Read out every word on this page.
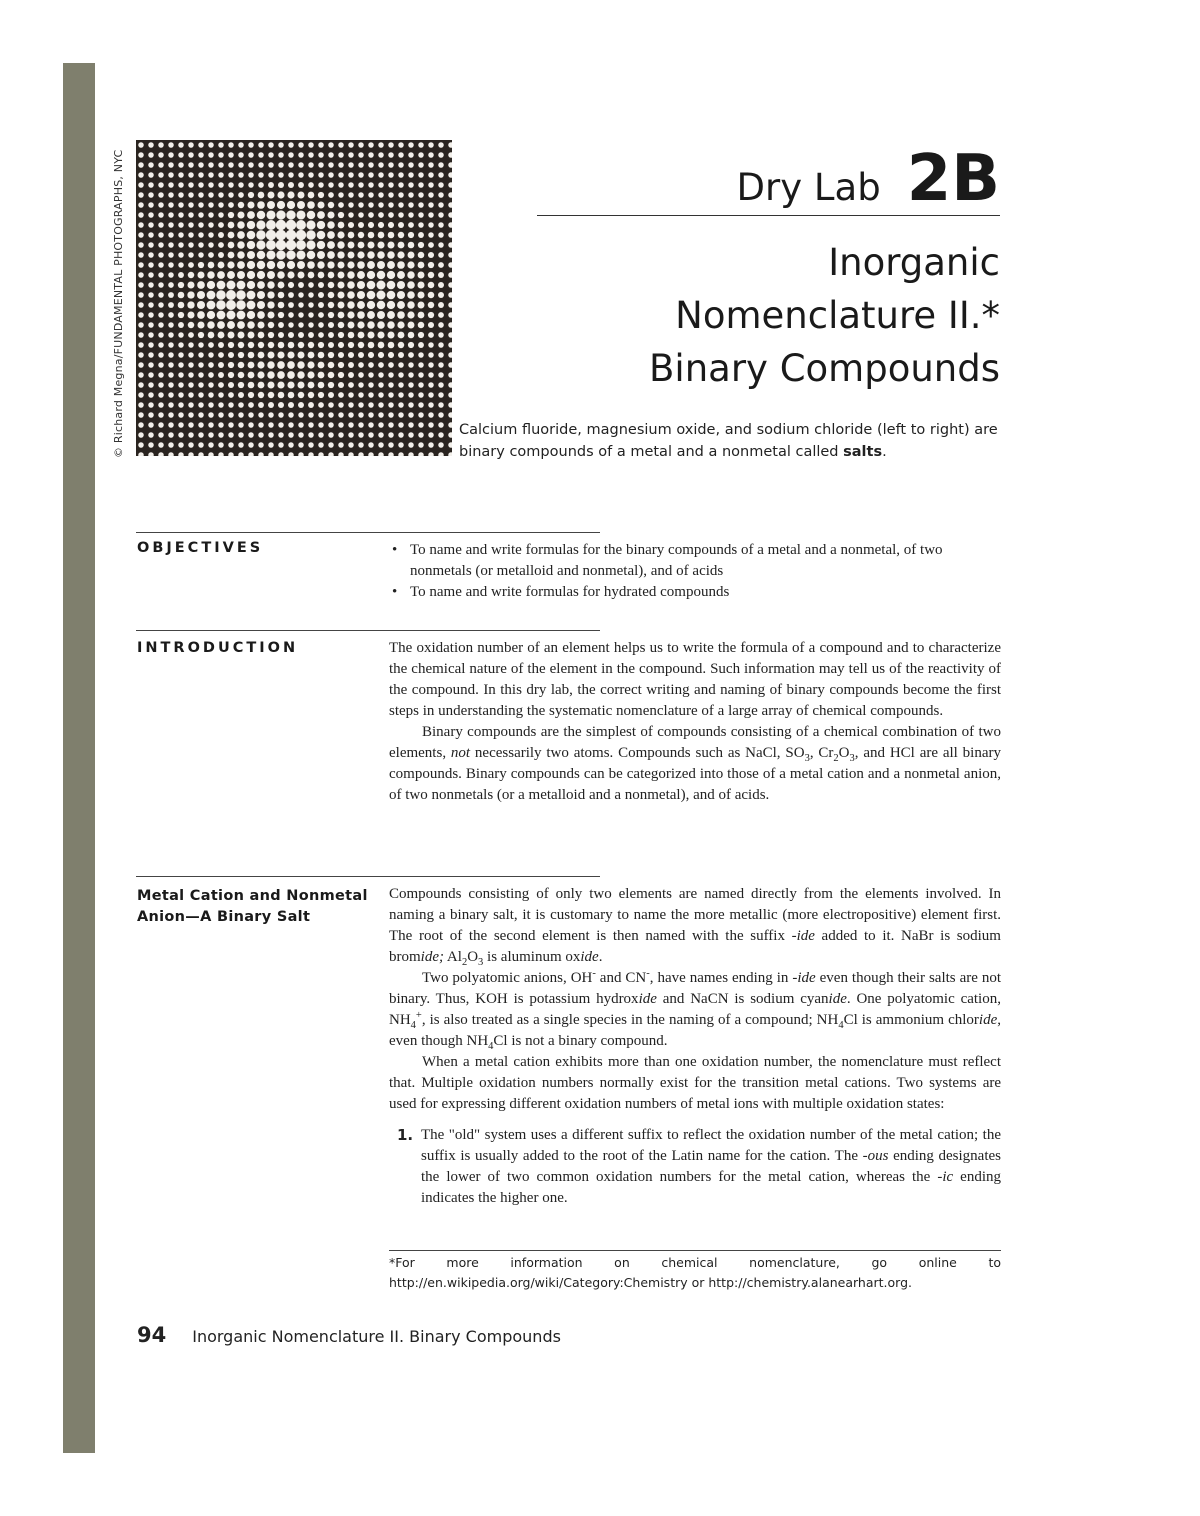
© Richard Megna/FUNDAMENTAL PHOTOGRAPHS, NYC	Dry Lab 2B
Inorganic
Nomenclature II.*
Binary Compounds
Calcium fluoride, magnesium oxide, and sodium chloride (left to right) are binary compounds of a metal and a nonmetal called salts.
OBJECTIVES	• To name and write formulas for the binary compounds of a metal and a nonmetal, of two nonmetals (or metalloid and nonmetal), and of acids
• To name and write formulas for hydrated compounds
INTRODUCTION	The oxidation number of an element helps us to write the formula of a compound and to characterize the chemical nature of the element in the compound. Such information may tell us of the reactivity of the compound. In this dry lab, the correct writing and naming of binary compounds become the first steps in understanding the systematic nomenclature of a large array of chemical compounds.

Binary compounds are the simplest of compounds consisting of a chemical combination of two elements, not necessarily two atoms. Compounds such as NaCl, $SO_3$, $Cr_2O_3$, and HCl are all binary compounds. Binary compounds can be categorized into those of a metal cation and a nonmetal anion, of two nonmetals (or a metalloid and a nonmetal), and of acids.

Metal Cation and Nonmetal
Anion—A Binary Salt

Compounds consisting of only two elements are named directly from the elements involved. In naming a binary salt, it is customary to name the more metallic (more electropositive) element first. The root of the second element is then named with the suffix -ide added to it. NaBr is sodium bromide; $Al_2O_3$ is aluminum oxide.

Two polyatomic anions, OH- and CN-, have names ending in -ide even though their salts are not binary. Thus, KOH is potassium hydroxide and NaCN is sodium cyanide. One polyatomic cation, $NH_4^+$, is also treated as a single species in the naming of a compound; $NH_4Cl$ is ammonium chloride, even though $NH_4Cl$ is not a binary compound.

When a metal cation exhibits more than one oxidation number, the nomenclature must reflect that. Multiple oxidation numbers normally exist for the transition metal cations. Two systems are used for expressing different oxidation numbers of metal ions with multiple oxidation states:

1. The "old" system uses a different suffix to reflect the oxidation number of the metal cation; the suffix is usually added to the root of the Latin name for the cation. The -ous ending designates the lower of two common oxidation numbers for the metal cation, whereas the -ic ending indicates the higher one.
*For more information on chemical nomenclature, go online to http://en.wikipedia.org/wiki/Category:Chemistry or http://chemistry.alanearhart.org.
94 Inorganic Nomenclature II. Binary Compounds
